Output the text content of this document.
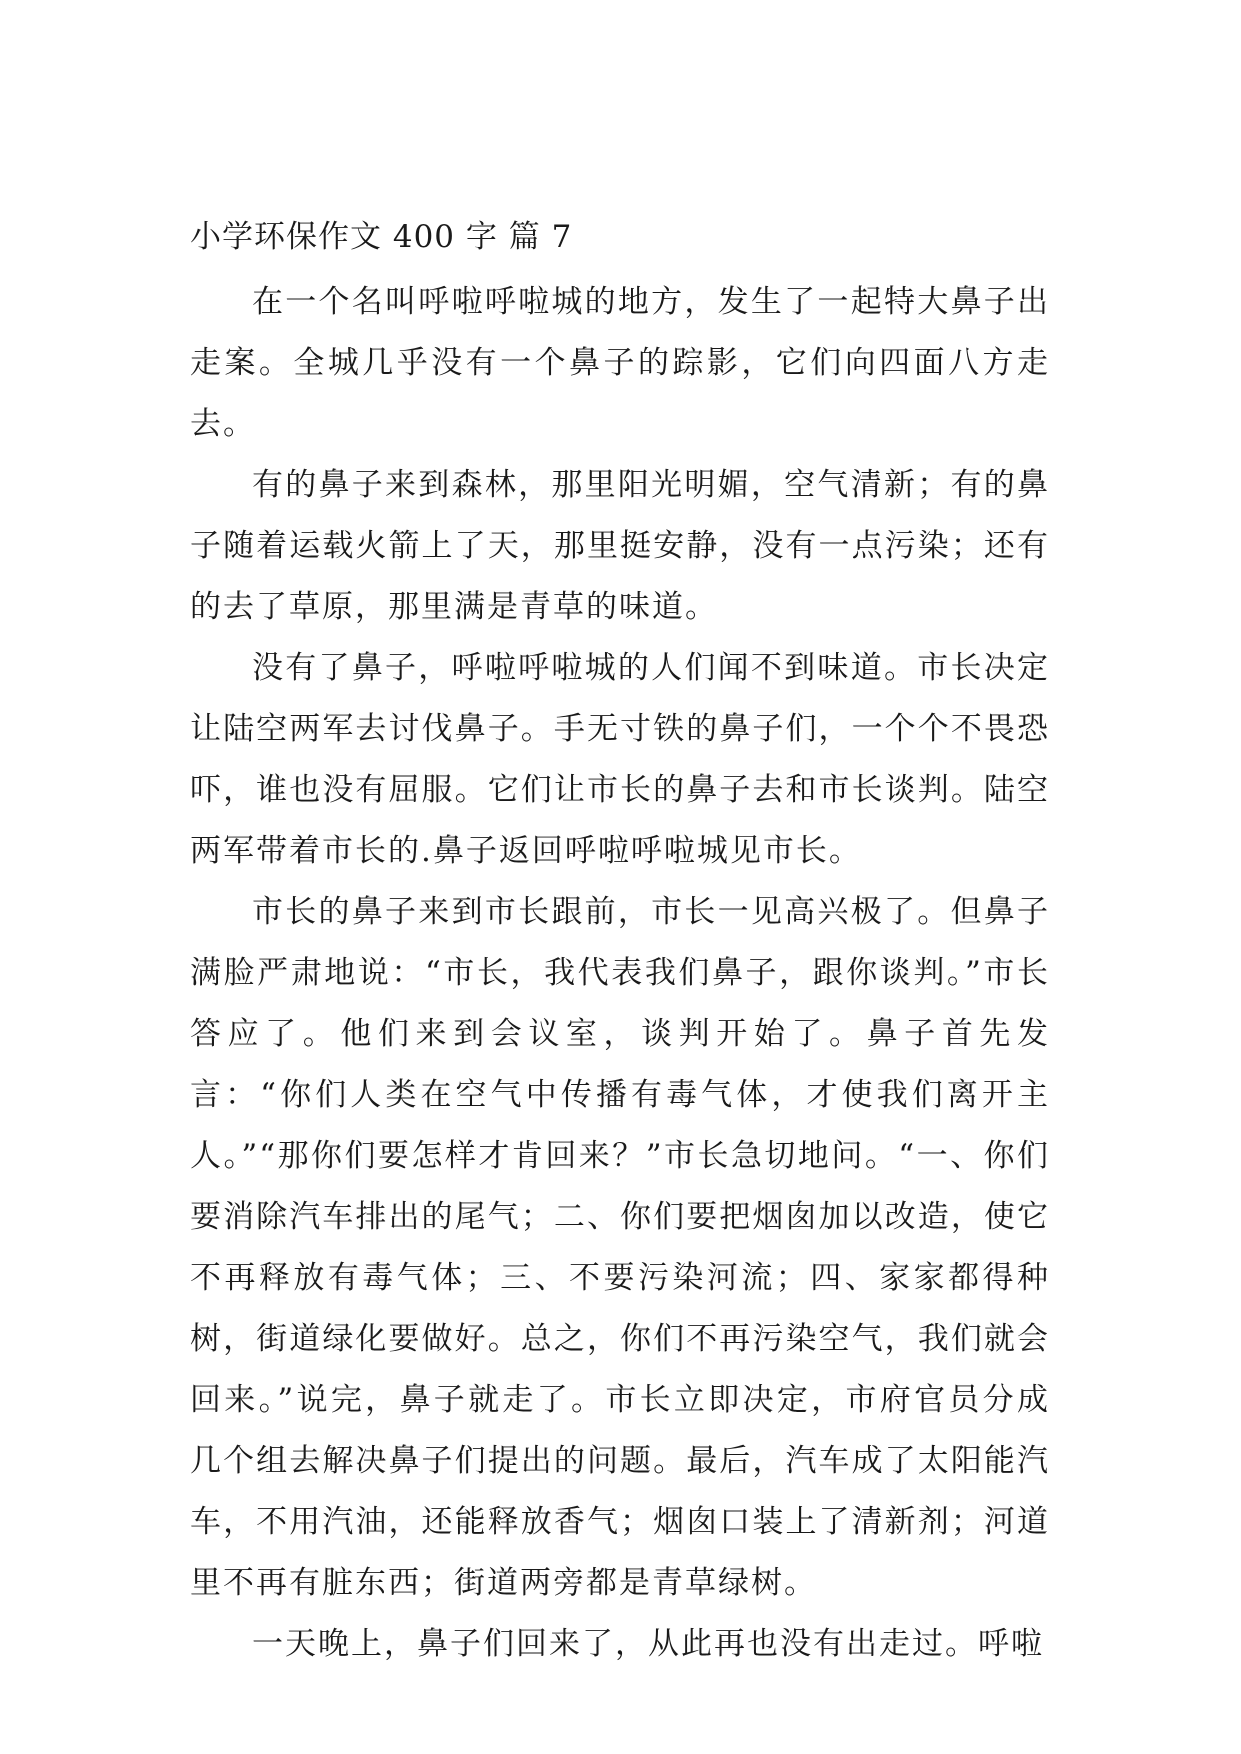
小学环保作文 400 字 篇 7

在一个名叫呼啦呼啦城的地方，发生了一起特大鼻子出走案。全城几乎没有一个鼻子的踪影，它们向四面八方走去。

有的鼻子来到森林，那里阳光明媚，空气清新；有的鼻子随着运载火箭上了天，那里挺安静，没有一点污染；还有的去了草原，那里满是青草的味道。

没有了鼻子，呼啦呼啦城的人们闻不到味道。市长决定让陆空两军去讨伐鼻子。手无寸铁的鼻子们，一个个不畏恐吓，谁也没有屈服。它们让市长的鼻子去和市长谈判。陆空两军带着市长的.鼻子返回呼啦呼啦城见市长。

市长的鼻子来到市长跟前，市长一见高兴极了。但鼻子满脸严肃地说：“市长，我代表我们鼻子，跟你谈判。”市长答应了。他们来到会议室，谈判开始了。鼻子首先发言：“你们人类在空气中传播有毒气体，才使我们离开主人。”“那你们要怎样才肯回来？”市长急切地问。“一、你们要消除汽车排出的尾气；二、你们要把烟囱加以改造，使它不再释放有毒气体；三、不要污染河流；四、家家都得种树，街道绿化要做好。总之，你们不再污染空气，我们就会回来。”说完，鼻子就走了。市长立即决定，市府官员分成几个组去解决鼻子们提出的问题。最后，汽车成了太阳能汽车，不用汽油，还能释放香气；烟囱口装上了清新剂；河道里不再有脏东西；街道两旁都是青草绿树。

一天晚上，鼻子们回来了，从此再也没有出走过。呼啦
